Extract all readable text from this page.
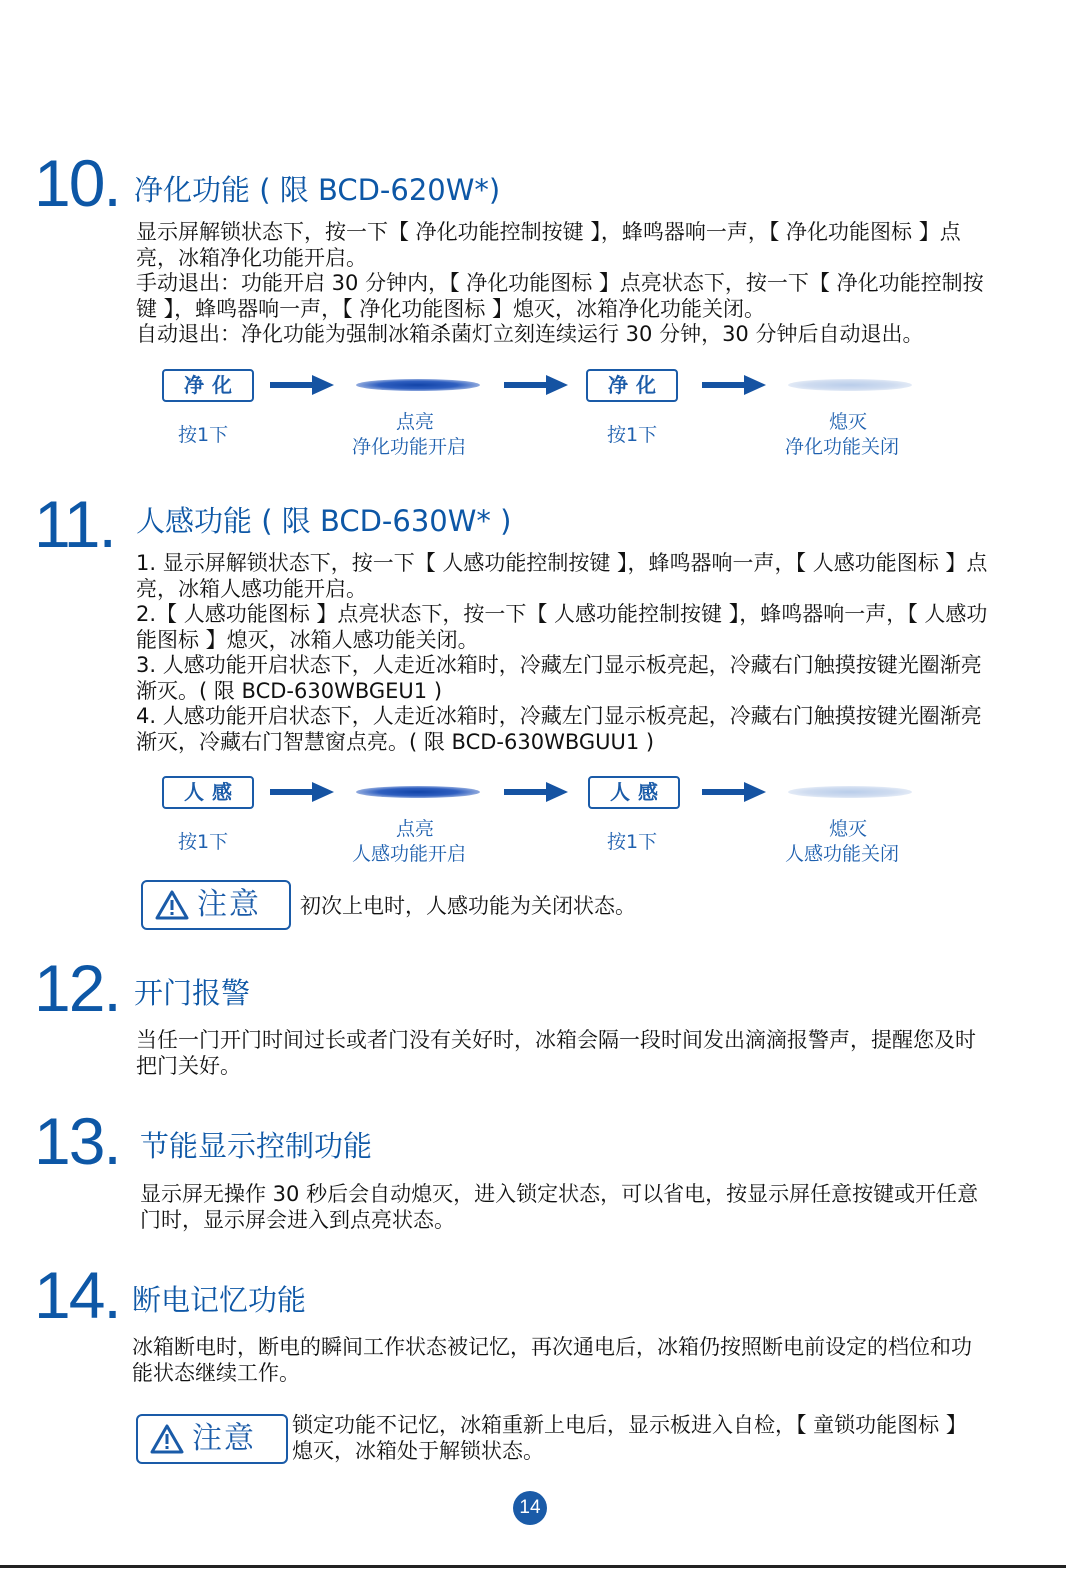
10. 净化功能 ( 限 BCD-620W*)

显示屏解锁状态下，按一下【 净化功能控制按键 】，蜂鸣器响一声，【 净化功能图标 】点亮，冰箱净化功能开启。

手动退出：功能开启 30 分钟内，【 净化功能图标 】点亮状态下，按一下【 净化功能控制按键 】，蜂鸣器响一声，【 净化功能图标 】熄灭，冰箱净化功能关闭。

自动退出：净化功能为强制冰箱杀菌灯立刻连续运行 30 分钟，30 分钟后自动退出。

净化	净化
按1下
点亮
净化功能开启
按1下
熄灭
净化功能关闭
11. 人感功能 ( 限 BCD-630W* )

1. 显示屏解锁状态下，按一下【 人感功能控制按键 】，蜂鸣器响一声，【 人感功能图标 】点亮，冰箱人感功能开启。

2.【 人感功能图标 】点亮状态下，按一下【 人感功能控制按键 】，蜂鸣器响一声，【 人感功能图标 】熄灭，冰箱人感功能关闭。

3. 人感功能开启状态下，人走近冰箱时，冷藏左门显示板亮起，冷藏右门触摸按键光圈渐亮渐灭。( 限 BCD-630WBGEU1 )

4. 人感功能开启状态下，人走近冰箱时，冷藏左门显示板亮起，冷藏右门触摸按键光圈渐亮渐灭，冷藏右门智慧窗点亮。( 限 BCD-630WBGUU1 )

人感	人感
按1下
点亮
人感功能开启
按1下
熄灭
人感功能关闭
注意 初次上电时，人感功能为关闭状态。
12. 开门报警

当任一门开门时间过长或者门没有关好时，冰箱会隔一段时间发出滴滴报警声，提醒您及时把门关好。

13. 节能显示控制功能

显示屏无操作 30 秒后会自动熄灭，进入锁定状态，可以省电，按显示屏任意按键或开任意门时，显示屏会进入到点亮状态。

14. 断电记忆功能

冰箱断电时，断电的瞬间工作状态被记忆，再次通电后，冰箱仍按照断电前设定的档位和功能状态继续工作。

注意 锁定功能不记忆，冰箱重新上电后，显示板进入自检，【 童锁功能图标 】熄灭，冰箱处于解锁状态。
14
